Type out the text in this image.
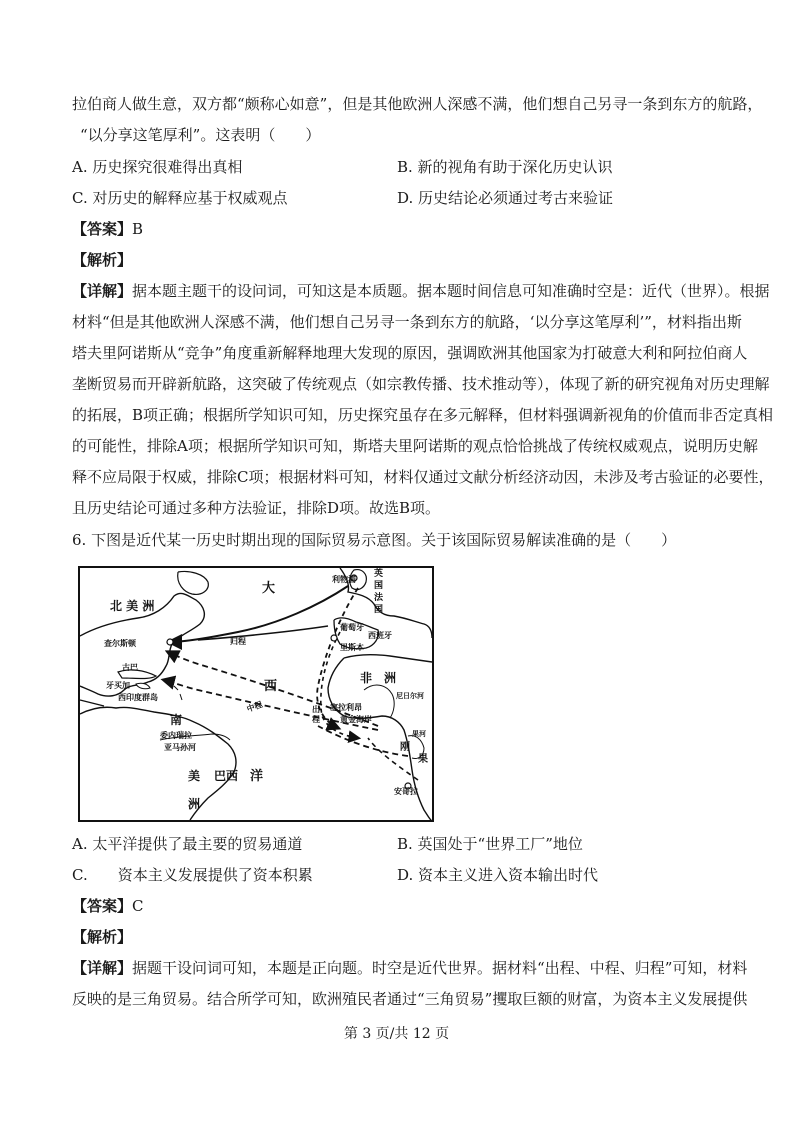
拉伯商人做生意，双方都“颇称心如意”，但是其他欧洲人深感不满，他们想自己另寻一条到东方的航路，
“以分享这笔厚利”。这表明（　　）
A. 历史探究很难得出真相	B. 新的视角有助于深化历史认识
C. 对历史的解释应基于权威观点	D. 历史结论必须通过考古来验证
【答案】B
【解析】
【详解】据本题主题干的设问词，可知这是本质题。据本题时间信息可知准确时空是：近代（世界）。根据
材料“但是其他欧洲人深感不满，他们想自己另寻一条到东方的航路，‘以分享这笔厚利’”，材料指出斯
塔夫里阿诺斯从“竞争”角度重新解释地理大发现的原因，强调欧洲其他国家为打破意大利和阿拉伯商人
垄断贸易而开辟新航路，这突破了传统观点（如宗教传播、技术推动等），体现了新的研究视角对历史理解
的拓展，B项正确；根据所学知识可知，历史探究虽存在多元解释，但材料强调新视角的价值而非否定真相
的可能性，排除A项；根据所学知识可知，斯塔夫里阿诺斯的观点恰恰挑战了传统权威观点，说明历史解
释不应局限于权威，排除C项；根据材料可知，材料仅通过文献分析经济动因，未涉及考古验证的必要性，
且历史结论可通过多种方法验证，排除D项。故选B项。
6. 下图是近代某一历史时期出现的国际贸易示意图。关于该国际贸易解读准确的是（　　）
北 美 洲
大
西
洋
非　洲
南
美
洲
巴西
利物浦
英
国
法
国
葡萄牙
西班牙
里斯本
查尔斯顿
古巴
牙买加
西印度群岛
委内瑞拉
亚马孙河
塞拉利昂
黄金海岸
尼日尔河
刚
果
果河
安哥拉
归程
中程	出
程
A. 太平洋提供了最主要的贸易通道	B. 英国处于“世界工厂”地位
C.　　资本主义发展提供了资本积累	D. 资本主义进入资本输出时代
【答案】C
【解析】
【详解】据题干设问词可知，本题是正向题。时空是近代世界。据材料“出程、中程、归程”可知，材料
反映的是三角贸易。结合所学可知，欧洲殖民者通过“三角贸易”攫取巨额的财富，为资本主义发展提供
第 3 页/共 12 页
